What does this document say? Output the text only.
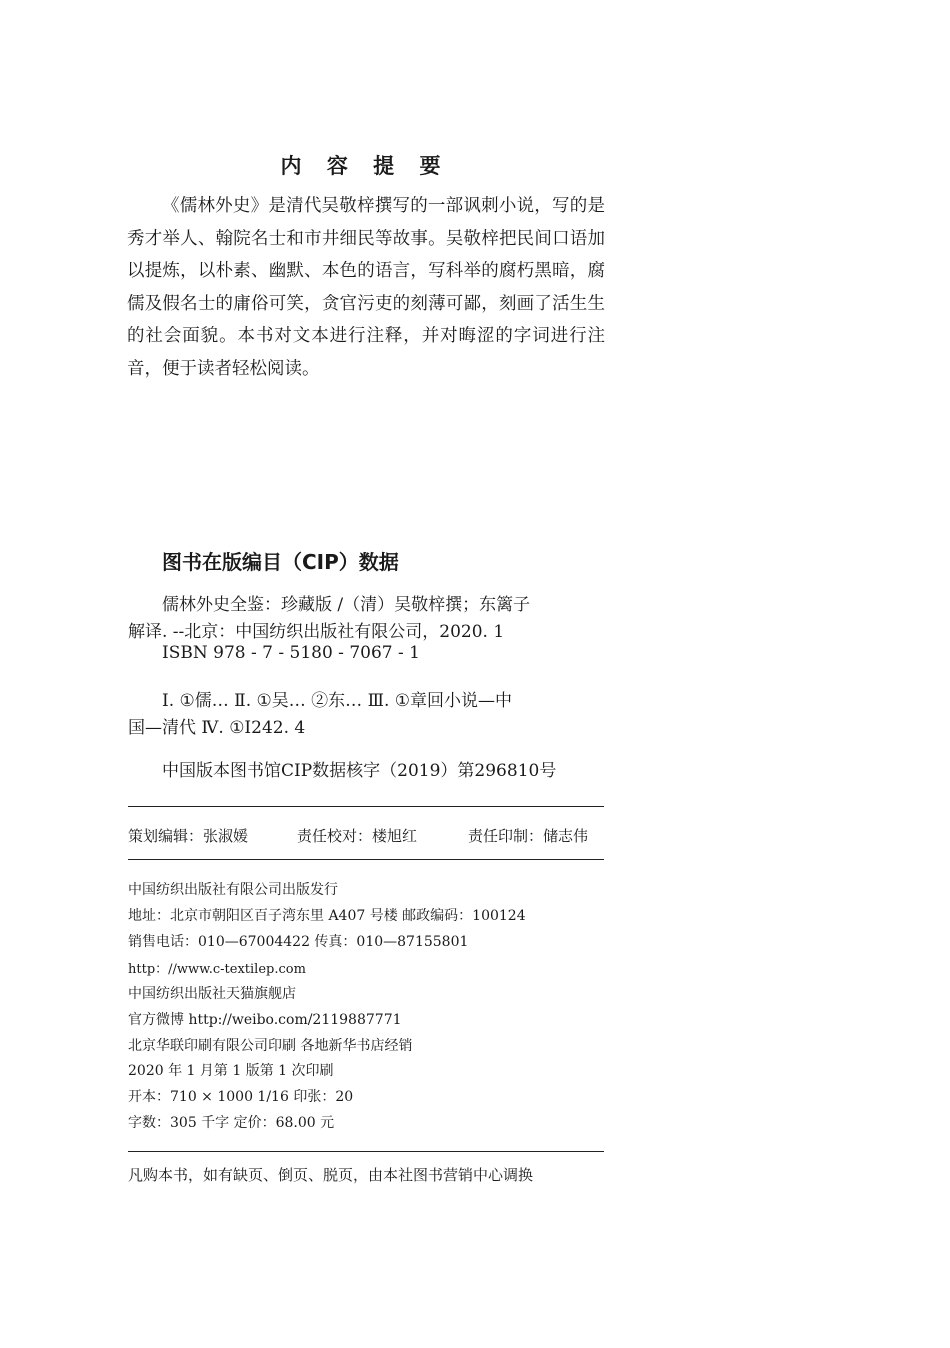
内 容 提 要
《儒林外史》是清代吴敬梓撰写的一部讽刺小说，写的是秀才举人、翰院名士和市井细民等故事。吴敬梓把民间口语加以提炼，以朴素、幽默、本色的语言，写科举的腐朽黑暗，腐儒及假名士的庸俗可笑，贪官污吏的刻薄可鄙，刻画了活生生的社会面貌。本书对文本进行注释，并对晦涩的字词进行注音，便于读者轻松阅读。
图书在版编目（CIP）数据
儒林外史全鉴：珍藏版 /（清）吴敬梓撰；东篱子
解译. --北京：中国纺织出版社有限公司，2020. 1
ISBN 978 - 7 - 5180 - 7067 - 1
Ⅰ. ①儒… Ⅱ. ①吴… ②东… Ⅲ. ①章回小说—中
国—清代 Ⅳ. ①I242. 4
中国版本图书馆CIP数据核字（2019）第296810号
策划编辑：张淑媛	责任校对：楼旭红	责任印制：储志伟
中国纺织出版社有限公司出版发行
地址：北京市朝阳区百子湾东里 A407 号楼 邮政编码：100124
销售电话：010—67004422 传真：010—87155801
http：//www.c-textilep.com
中国纺织出版社天猫旗舰店
官方微博 http://weibo.com/2119887771
北京华联印刷有限公司印刷 各地新华书店经销
2020 年 1 月第 1 版第 1 次印刷
开本：710 × 1000 1/16 印张：20
字数：305 千字 定价：68.00 元
凡购本书，如有缺页、倒页、脱页，由本社图书营销中心调换
